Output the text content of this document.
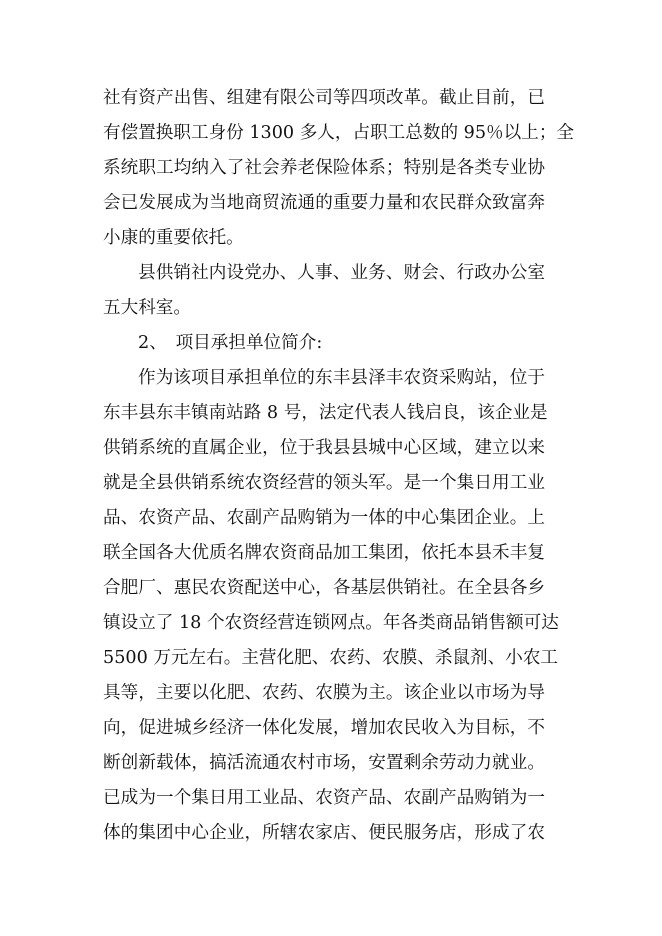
社有资产出售、组建有限公司等四项改革。截止目前，已
有偿置换职工身份 1300 多人，占职工总数的 95％以上；全
系统职工均纳入了社会养老保险体系；特别是各类专业协
会已发展成为当地商贸流通的重要力量和农民群众致富奔
小康的重要依托。
县供销社内设党办、人事、业务、财会、行政办公室
五大科室。
2、　项目承担单位简介:
作为该项目承担单位的东丰县泽丰农资采购站，位于
东丰县东丰镇南站路 8 号，法定代表人钱启良，该企业是
供销系统的直属企业，位于我县县城中心区域，建立以来
就是全县供销系统农资经营的领头军。是一个集日用工业
品、农资产品、农副产品购销为一体的中心集团企业。上
联全国各大优质名牌农资商品加工集团，依托本县禾丰复
合肥厂、惠民农资配送中心，各基层供销社。在全县各乡
镇设立了 18 个农资经营连锁网点。年各类商品销售额可达
5500 万元左右。主营化肥、农药、农膜、杀鼠剂、小农工
具等，主要以化肥、农药、农膜为主。该企业以市场为导
向，促进城乡经济一体化发展，增加农民收入为目标，不
断创新载体，搞活流通农村市场，安置剩余劳动力就业。
已成为一个集日用工业品、农资产品、农副产品购销为一
体的集团中心企业，所辖农家店、便民服务店，形成了农
